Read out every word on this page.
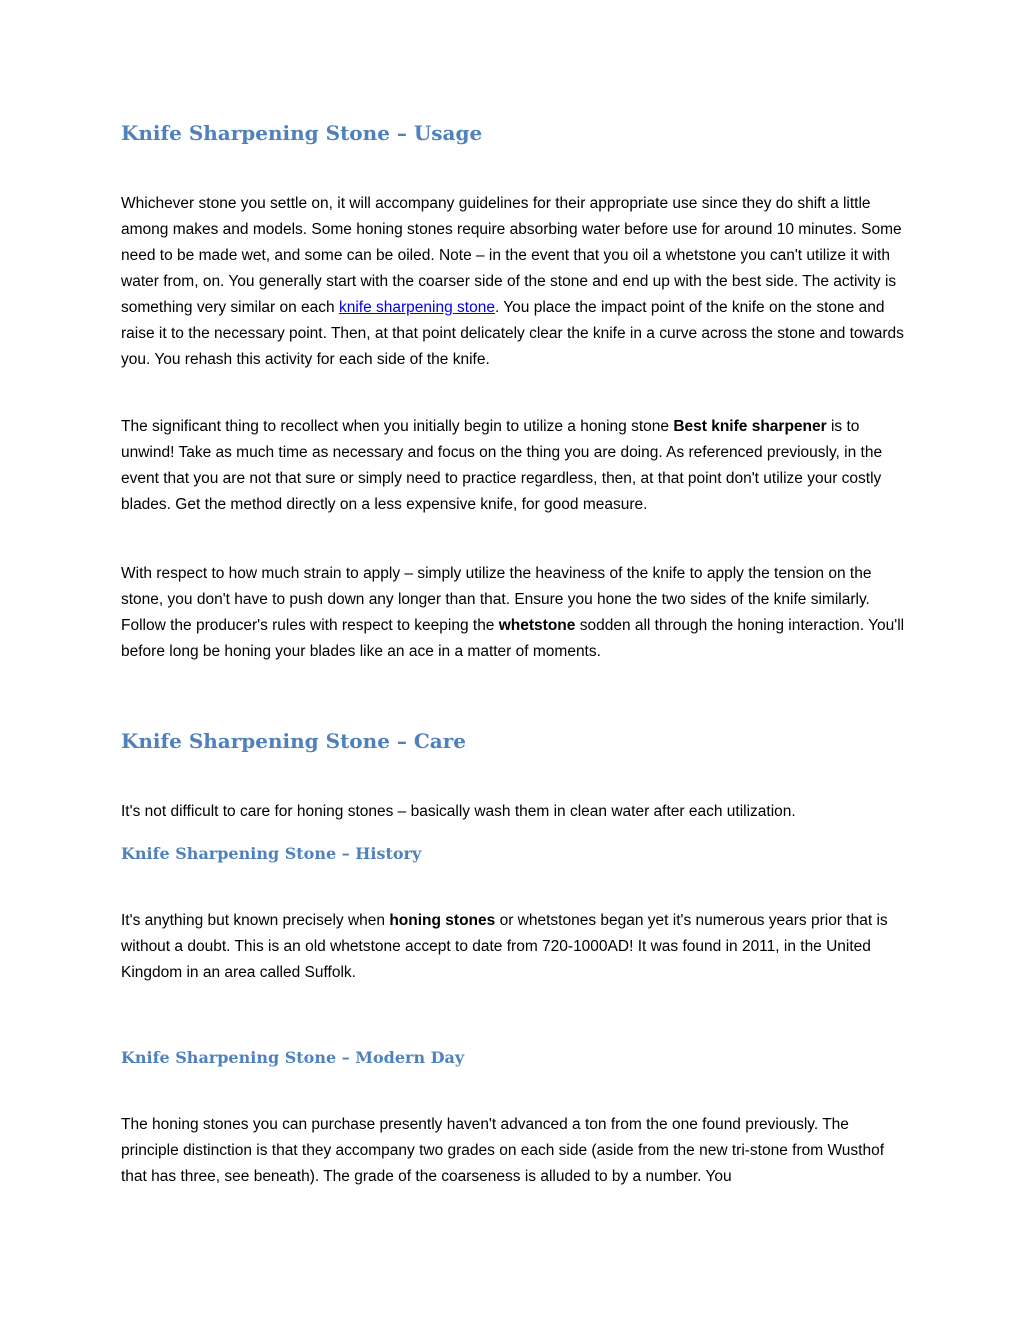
Knife Sharpening Stone – Usage

Whichever stone you settle on, it will accompany guidelines for their appropriate use since they do shift a little among makes and models. Some honing stones require absorbing water before use for around 10 minutes. Some need to be made wet, and some can be oiled. Note – in the event that you oil a whetstone you can't utilize it with water from, on. You generally start with the coarser side of the stone and end up with the best side. The activity is something very similar on each knife sharpening stone. You place the impact point of the knife on the stone and raise it to the necessary point. Then, at that point delicately clear the knife in a curve across the stone and towards you. You rehash this activity for each side of the knife.

The significant thing to recollect when you initially begin to utilize a honing stone Best knife sharpener is to unwind! Take as much time as necessary and focus on the thing you are doing. As referenced previously, in the event that you are not that sure or simply need to practice regardless, then, at that point don't utilize your costly blades. Get the method directly on a less expensive knife, for good measure.

With respect to how much strain to apply – simply utilize the heaviness of the knife to apply the tension on the stone, you don't have to push down any longer than that. Ensure you hone the two sides of the knife similarly. Follow the producer's rules with respect to keeping the whetstone sodden all through the honing interaction. You'll before long be honing your blades like an ace in a matter of moments.

Knife Sharpening Stone – Care

It's not difficult to care for honing stones – basically wash them in clean water after each utilization.

Knife Sharpening Stone – History

It's anything but known precisely when honing stones or whetstones began yet it's numerous years prior that is without a doubt. This is an old whetstone accept to date from 720-1000AD! It was found in 2011, in the United Kingdom in an area called Suffolk.

Knife Sharpening Stone – Modern Day

The honing stones you can purchase presently haven't advanced a ton from the one found previously. The principle distinction is that they accompany two grades on each side (aside from the new tri-stone from Wusthof that has three, see beneath). The grade of the coarseness is alluded to by a number. You
